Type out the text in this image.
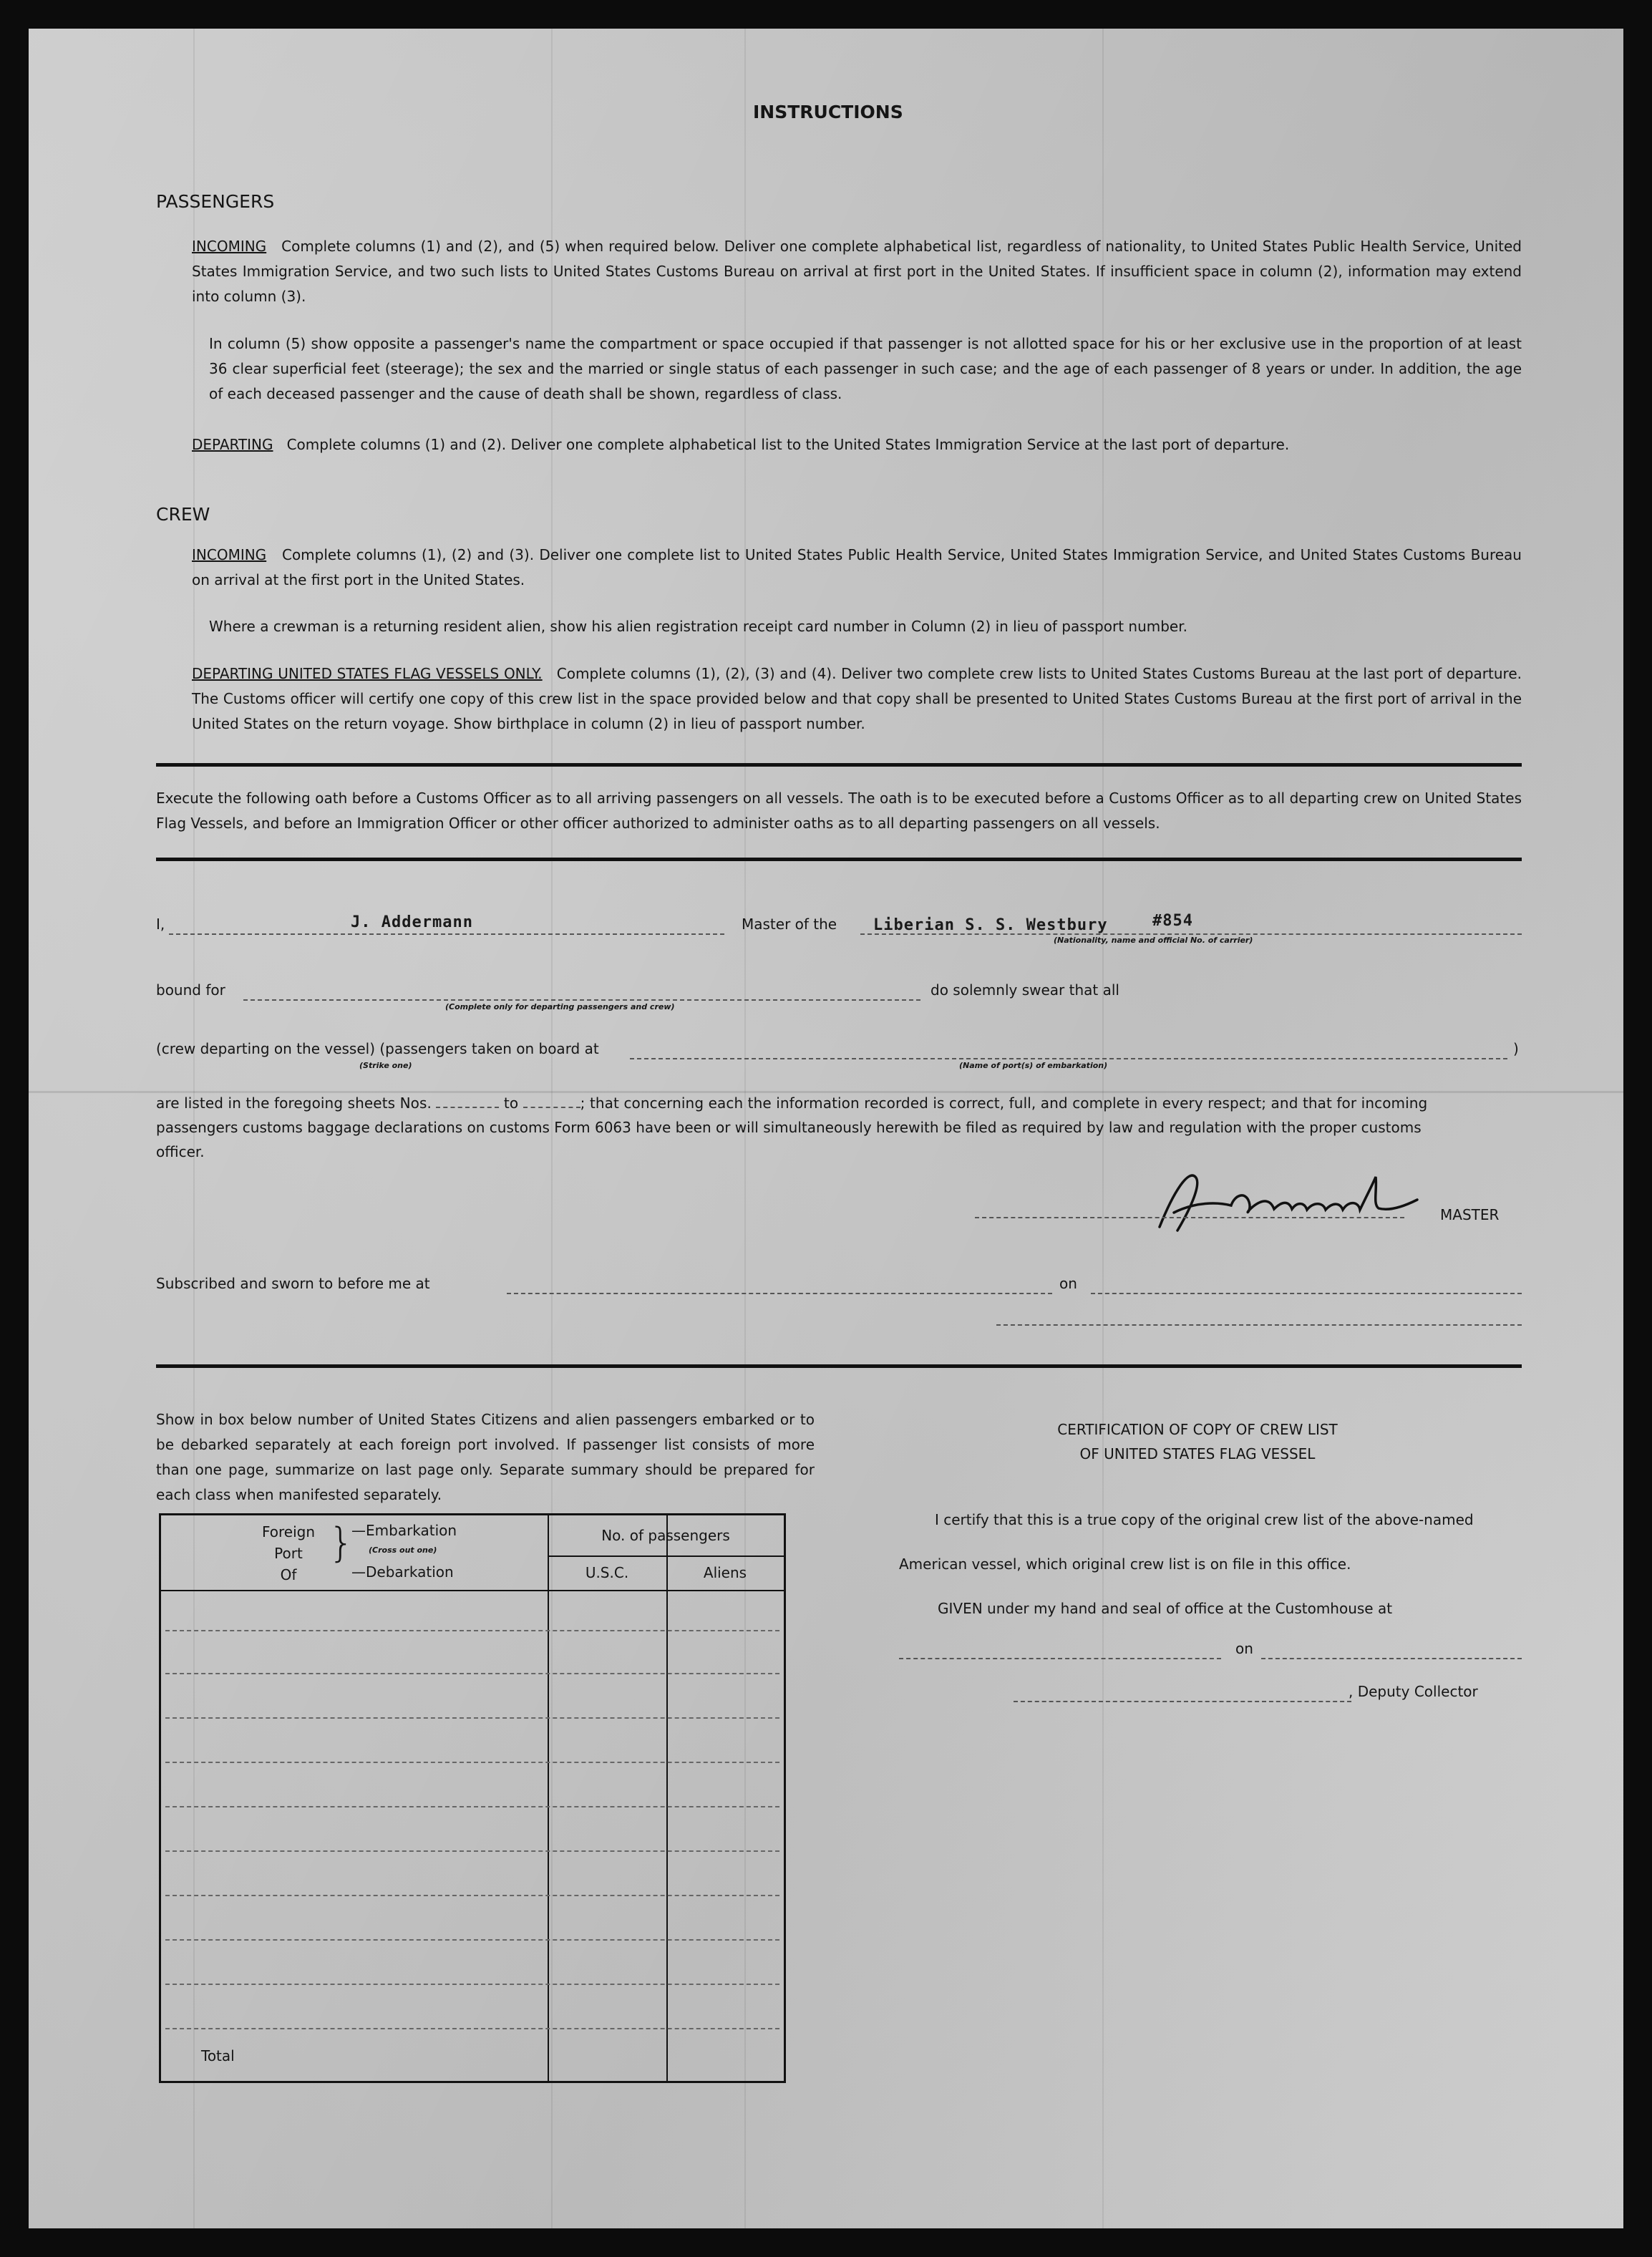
INSTRUCTIONS
PASSENGERS
INCOMING Complete columns (1) and (2), and (5) when required below. Deliver one complete alphabetical list, regardless of nationality, to United States Public Health Service, United States Immigration Service, and two such lists to United States Customs Bureau on arrival at first port in the United States. If insufficient space in column (2), information may extend into column (3).
In column (5) show opposite a passenger's name the compartment or space occupied if that passenger is not allotted space for his or her exclusive use in the proportion of at least 36 clear superficial feet (steerage); the sex and the married or single status of each passenger in such case; and the age of each passenger of 8 years or under. In addition, the age of each deceased passenger and the cause of death shall be shown, regardless of class.
DEPARTING Complete columns (1) and (2). Deliver one complete alphabetical list to the United States Immigration Service at the last port of departure.
CREW
INCOMING Complete columns (1), (2) and (3). Deliver one complete list to United States Public Health Service, United States Immigration Service, and United States Customs Bureau on arrival at the first port in the United States.
Where a crewman is a returning resident alien, show his alien registration receipt card number in Column (2) in lieu of passport number.
DEPARTING UNITED STATES FLAG VESSELS ONLY. Complete columns (1), (2), (3) and (4). Deliver two complete crew lists to United States Customs Bureau at the last port of departure. The Customs officer will certify one copy of this crew list in the space provided below and that copy shall be presented to United States Customs Bureau at the first port of arrival in the United States on the return voyage. Show birthplace in column (2) in lieu of passport number.
Execute the following oath before a Customs Officer as to all arriving passengers on all vessels. The oath is to be executed before a Customs Officer as to all departing crew on United States Flag Vessels, and before an Immigration Officer or other officer authorized to administer oaths as to all departing passengers on all vessels.
I,	J. Addermann	Master of the Liberian S. S. Westbury	#854
(Nationality, name and official No. of carrier)
bound for
(Complete only for departing passengers and crew)
do solemnly swear that all
(crew departing on the vessel) (passengers taken on board at	)
(Strike one)	(Name of port(s) of embarkation)
are listed in the foregoing sheets Nos.	to	; that concerning each the information recorded is correct, full, and complete in every respect; and that for incoming
passengers customs baggage declarations on customs Form 6063 have been or will simultaneously herewith be filed as required by law and regulation with the proper customs
officer.
MASTER
Subscribed and sworn to before me at	on
Show in box below number of United States Citizens and alien passengers embarked or to be debarked separately at each foreign port involved. If passenger list consists of more than one page, summarize on last page only. Separate summary should be prepared for each class when manifested separately.
Foreign
Port
Of
}
—Embarkation
(Cross out one)
—Debarkation
No. of passengers
U.S.C.	Aliens
Total
CERTIFICATION OF COPY OF CREW LIST
OF UNITED STATES FLAG VESSEL
I certify that this is a true copy of the original crew list of the above-named
American vessel, which original crew list is on file in this office.
GIVEN under my hand and seal of office at the Customhouse at
on
, Deputy Collector
